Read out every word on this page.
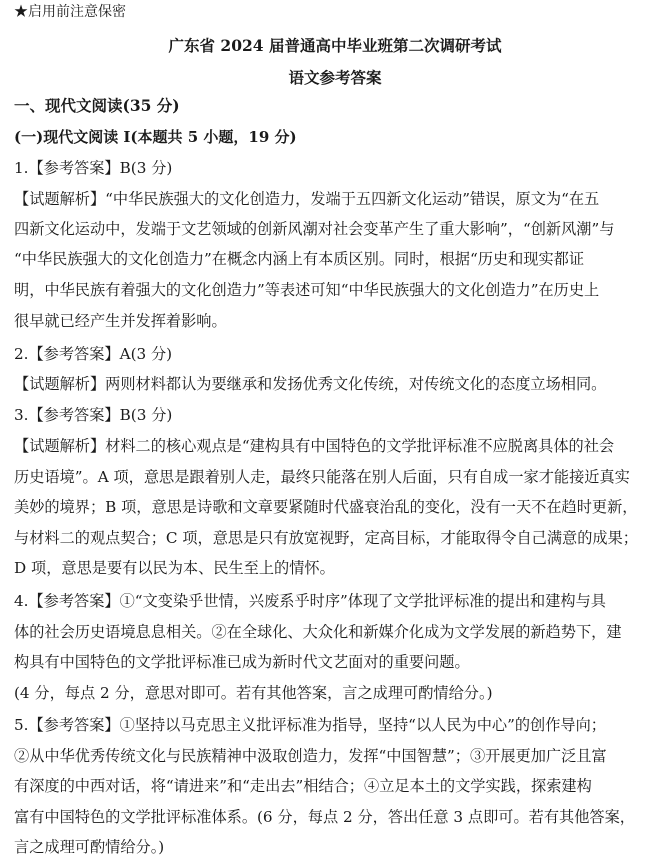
★启用前注意保密
广东省 2024 届普通高中毕业班第二次调研考试
语文参考答案
一、现代文阅读(35 分)
(一)现代文阅读 I(本题共 5 小题，19 分)
1.【参考答案】B(3 分)
【试题解析】“中华民族强大的文化创造力，发端于五四新文化运动”错误，原文为“在五
四新文化运动中，发端于文艺领域的创新风潮对社会变革产生了重大影响”，“创新风潮”与
“中华民族强大的文化创造力”在概念内涵上有本质区别。同时，根据“历史和现实都证
明，中华民族有着强大的文化创造力”等表述可知“中华民族强大的文化创造力”在历史上
很早就已经产生并发挥着影响。
2.【参考答案】A(3 分)
【试题解析】两则材料都认为要继承和发扬优秀文化传统，对传统文化的态度立场相同。
3.【参考答案】B(3 分)
【试题解析】材料二的核心观点是“建构具有中国特色的文学批评标准不应脱离具体的社会
历史语境”。A 项，意思是跟着别人走，最终只能落在别人后面，只有自成一家才能接近真实
美妙的境界；B 项，意思是诗歌和文章要紧随时代盛衰治乱的变化，没有一天不在趋时更新，
与材料二的观点契合；C 项，意思是只有放宽视野，定高目标，才能取得令自己满意的成果；
D 项，意思是要有以民为本、民生至上的情怀。
4.【参考答案】①“文变染乎世情，兴废系乎时序”体现了文学批评标准的提出和建构与具
体的社会历史语境息息相关。②在全球化、大众化和新媒介化成为文学发展的新趋势下，建
构具有中国特色的文学批评标准已成为新时代文艺面对的重要问题。
(4 分，每点 2 分，意思对即可。若有其他答案，言之成理可酌情给分。)
5.【参考答案】①坚持以马克思主义批评标准为指导，坚持“以人民为中心”的创作导向；
②从中华优秀传统文化与民族精神中汲取创造力，发挥“中国智慧”；③开展更加广泛且富
有深度的中西对话，将“请进来”和“走出去”相结合；④立足本土的文学实践，探索建构
富有中国特色的文学批评标准体系。(6 分，每点 2 分，答出任意 3 点即可。若有其他答案，
言之成理可酌情给分。)
